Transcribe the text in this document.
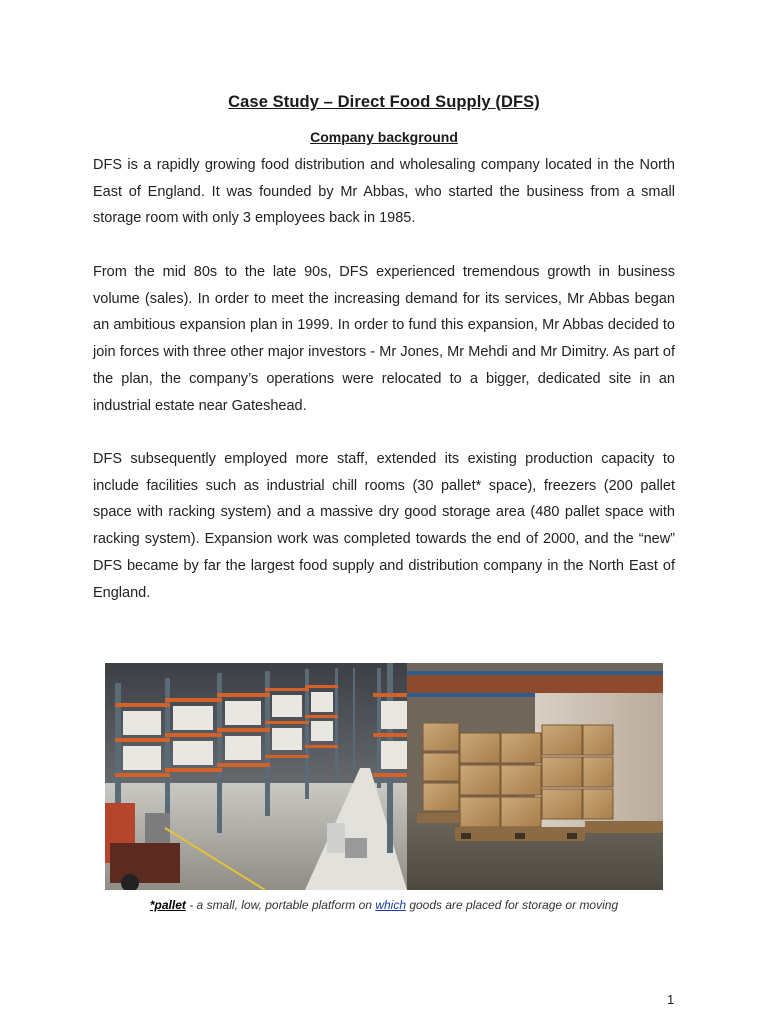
Case Study – Direct Food Supply (DFS)
Company background

DFS is a rapidly growing food distribution and wholesaling company located in the North East of England. It was founded by Mr Abbas, who started the business from a small storage room with only 3 employees back in 1985.

From the mid 80s to the late 90s, DFS experienced tremendous growth in business volume (sales). In order to meet the increasing demand for its services, Mr Abbas began an ambitious expansion plan in 1999. In order to fund this expansion, Mr Abbas decided to join forces with three other major investors - Mr Jones, Mr Mehdi and Mr Dimitry. As part of the plan, the company’s operations were relocated to a bigger, dedicated site in an industrial estate near Gateshead.

DFS subsequently employed more staff, extended its existing production capacity to include facilities such as industrial chill rooms (30 pallet* space), freezers (200 pallet space with racking system) and a massive dry good storage area (480 pallet space with racking system). Expansion work was completed towards the end of 2000, and the “new” DFS became by far the largest food supply and distribution company in the North East of England.

*pallet - a small, low, portable platform on which goods are placed for storage or moving
1
